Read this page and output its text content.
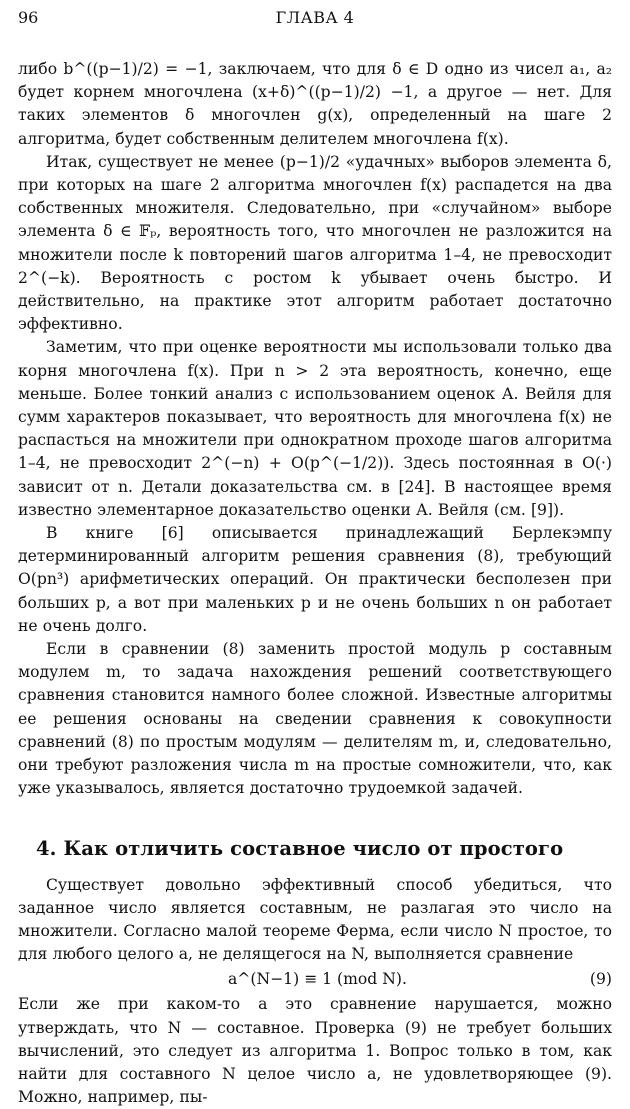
96	ГЛАВА 4

либо b^((p−1)/2) = −1, заключаем, что для δ ∈ D одно из чисел a₁, a₂ будет корнем многочлена (x+δ)^((p−1)/2) −1, а другое — нет. Для таких элементов δ многочлен g(x), определенный на шаге 2 алгоритма, будет собственным делителем многочлена f(x).

Итак, существует не менее (p−1)/2 «удачных» выборов элемента δ, при которых на шаге 2 алгоритма многочлен f(x) распадется на два собственных множителя. Следовательно, при «случайном» выборе элемента δ ∈ 𝔽ₚ, вероятность того, что многочлен не разложится на множители после k повторений шагов алгоритма 1–4, не превосходит 2^(−k). Вероятность с ростом k убывает очень быстро. И действительно, на практике этот алгоритм работает достаточно эффективно.

Заметим, что при оценке вероятности мы использовали только два корня многочлена f(x). При n > 2 эта вероятность, конечно, еще меньше. Более тонкий анализ с использованием оценок А. Вейля для сумм характеров показывает, что вероятность для многочлена f(x) не распасться на множители при однократном проходе шагов алгоритма 1–4, не превосходит 2^(−n) + O(p^(−1/2)). Здесь постоянная в O(·) зависит от n. Детали доказательства см. в [24]. В настоящее время известно элементарное доказательство оценки А. Вейля (см. [9]).

В книге [6] описывается принадлежащий Берлекэмпу детерминированный алгоритм решения сравнения (8), требующий O(pn³) арифметических операций. Он практически бесполезен при больших p, а вот при маленьких p и не очень больших n он работает не очень долго.

Если в сравнении (8) заменить простой модуль p составным модулем m, то задача нахождения решений соответствующего сравнения становится намного более сложной. Известные алгоритмы ее решения основаны на сведении сравнения к совокупности сравнений (8) по простым модулям — делителям m, и, следовательно, они требуют разложения числа m на простые сомножители, что, как уже указывалось, является достаточно трудоемкой задачей.

4. Как отличить составное число от простого

Существует довольно эффективный способ убедиться, что заданное число является составным, не разлагая это число на множители. Согласно малой теореме Ферма, если число N простое, то для любого целого a, не делящегося на N, выполняется сравнение

a^(N−1) ≡ 1 (mod N).	(9)

Если же при каком-то a это сравнение нарушается, можно утверждать, что N — составное. Проверка (9) не требует больших вычислений, это следует из алгоритма 1. Вопрос только в том, как найти для составного N целое число a, не удовлетворяющее (9). Можно, например, пы-
